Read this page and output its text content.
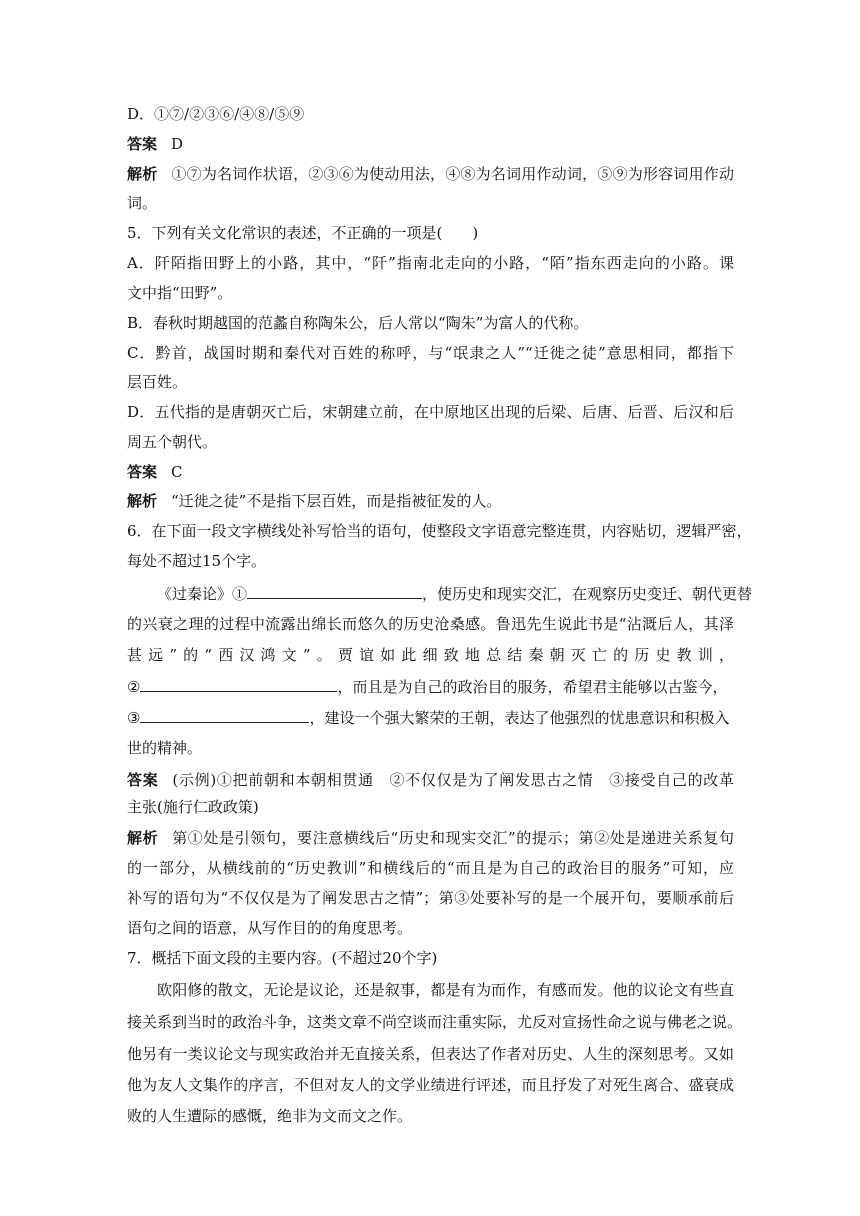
D．①⑦/②③⑥/④⑧/⑤⑨
答案 D
解析 ①⑦为名词作状语，②③⑥为使动用法，④⑧为名词用作动词，⑤⑨为形容词用作动
词。
5．下列有关文化常识的表述，不正确的一项是(　　)
A．阡陌指田野上的小路，其中，“阡”指南北走向的小路，“陌”指东西走向的小路。课
文中指“田野”。
B．春秋时期越国的范蠡自称陶朱公，后人常以“陶朱”为富人的代称。
C．黔首，战国时期和秦代对百姓的称呼，与“氓隶之人”“迁徙之徒”意思相同，都指下
层百姓。
D．五代指的是唐朝灭亡后，宋朝建立前，在中原地区出现的后梁、后唐、后晋、后汉和后
周五个朝代。
答案 C
解析 “迁徙之徒”不是指下层百姓，而是指被征发的人。
6．在下面一段文字横线处补写恰当的语句，使整段文字语意完整连贯，内容贴切，逻辑严密，
每处不超过15个字。
《过秦论》①	，使历史和现实交汇，在观察历史变迁、朝代更替
的兴衰之理的过程中流露出绵长而悠久的历史沧桑感。鲁迅先生说此书是“沾溉后人，其泽
甚远”的“西汉鸿文”。贾谊如此细致地总结秦朝灭亡的历史教训，
②	，而且是为自己的政治目的服务，希望君主能够以古鉴今，
③	，建设一个强大繁荣的王朝，表达了他强烈的忧患意识和积极入
世的精神。
答案 (示例)①把前朝和本朝相贯通　②不仅仅是为了阐发思古之情　③接受自己的改革
主张(施行仁政政策)
解析 第①处是引领句，要注意横线后“历史和现实交汇”的提示；第②处是递进关系复句
的一部分，从横线前的“历史教训”和横线后的“而且是为自己的政治目的服务”可知，应
补写的语句为“不仅仅是为了阐发思古之情”；第③处要补写的是一个展开句，要顺承前后
语句之间的语意，从写作目的的角度思考。
7．概括下面文段的主要内容。(不超过20个字)
欧阳修的散文，无论是议论，还是叙事，都是有为而作，有感而发。他的议论文有些直
接关系到当时的政治斗争，这类文章不尚空谈而注重实际，尤反对宣扬性命之说与佛老之说。
他另有一类议论文与现实政治并无直接关系，但表达了作者对历史、人生的深刻思考。又如
他为友人文集作的序言，不但对友人的文学业绩进行评述，而且抒发了对死生离合、盛衰成
败的人生遭际的感慨，绝非为文而文之作。
